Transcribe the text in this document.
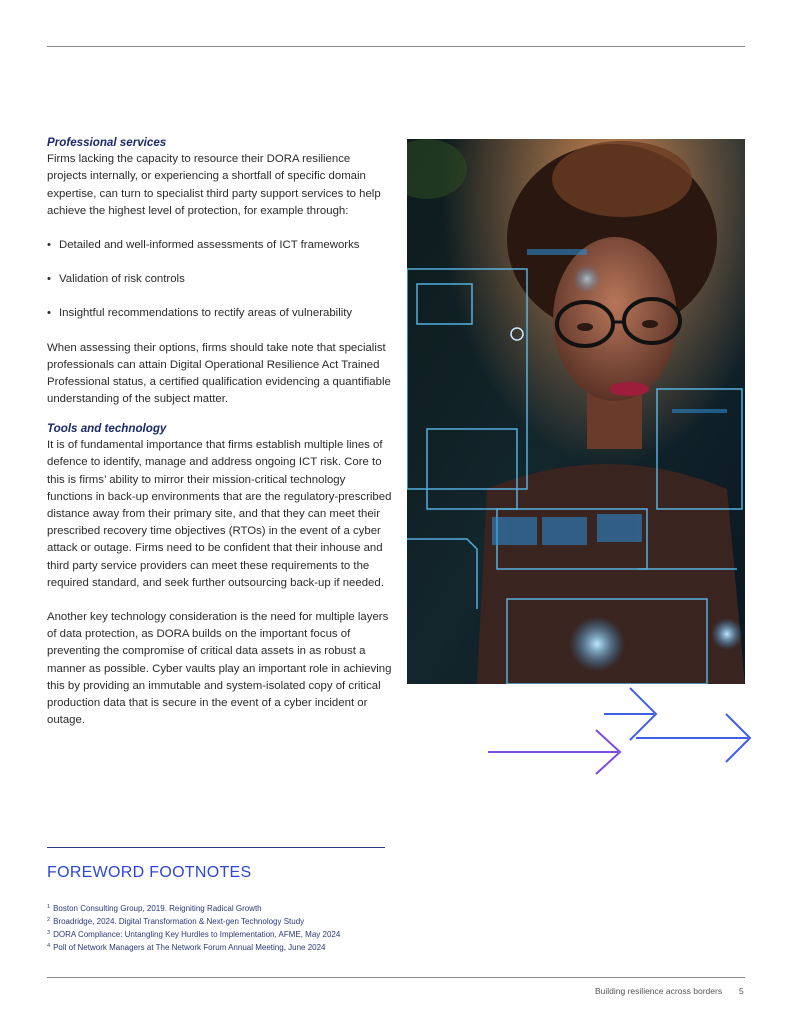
Professional services

Firms lacking the capacity to resource their DORA resilience projects internally, or experiencing a shortfall of specific domain expertise, can turn to specialist third party support services to help achieve the highest level of protection, for example through:

• Detailed and well-informed assessments of ICT frameworks

• Validation of risk controls

• Insightful recommendations to rectify areas of vulnerability

When assessing their options, firms should take note that specialist professionals can attain Digital Operational Resilience Act Trained Professional status, a certified qualification evidencing a quantifiable understanding of the subject matter.

Tools and technology

It is of fundamental importance that firms establish multiple lines of defence to identify, manage and address ongoing ICT risk. Core to this is firms’ ability to mirror their mission-critical technology functions in back-up environments that are the regulatory-prescribed distance away from their primary site, and that they can meet their prescribed recovery time objectives (RTOs) in the event of a cyber attack or outage. Firms need to be confident that their inhouse and third party service providers can meet these requirements to the required standard, and seek further outsourcing back-up if needed.

Another key technology consideration is the need for multiple layers of data protection, as DORA builds on the important focus of preventing the compromise of critical data assets in as robust a manner as possible. Cyber vaults play an important role in achieving this by providing an immutable and system-isolated copy of critical production data that is secure in the event of a cyber incident or outage.

FOREWORD FOOTNOTES

$^1$ Boston Consulting Group, 2019. Reigniting Radical Growth
$^2$ Broadridge, 2024. Digital Transformation & Next-gen Technology Study
$^3$ DORA Compliance: Untangling Key Hurdles to Implementation, AFME, May 2024
$^4$ Poll of Network Managers at The Network Forum Annual Meeting, June 2024
Building resilience across borders 5
